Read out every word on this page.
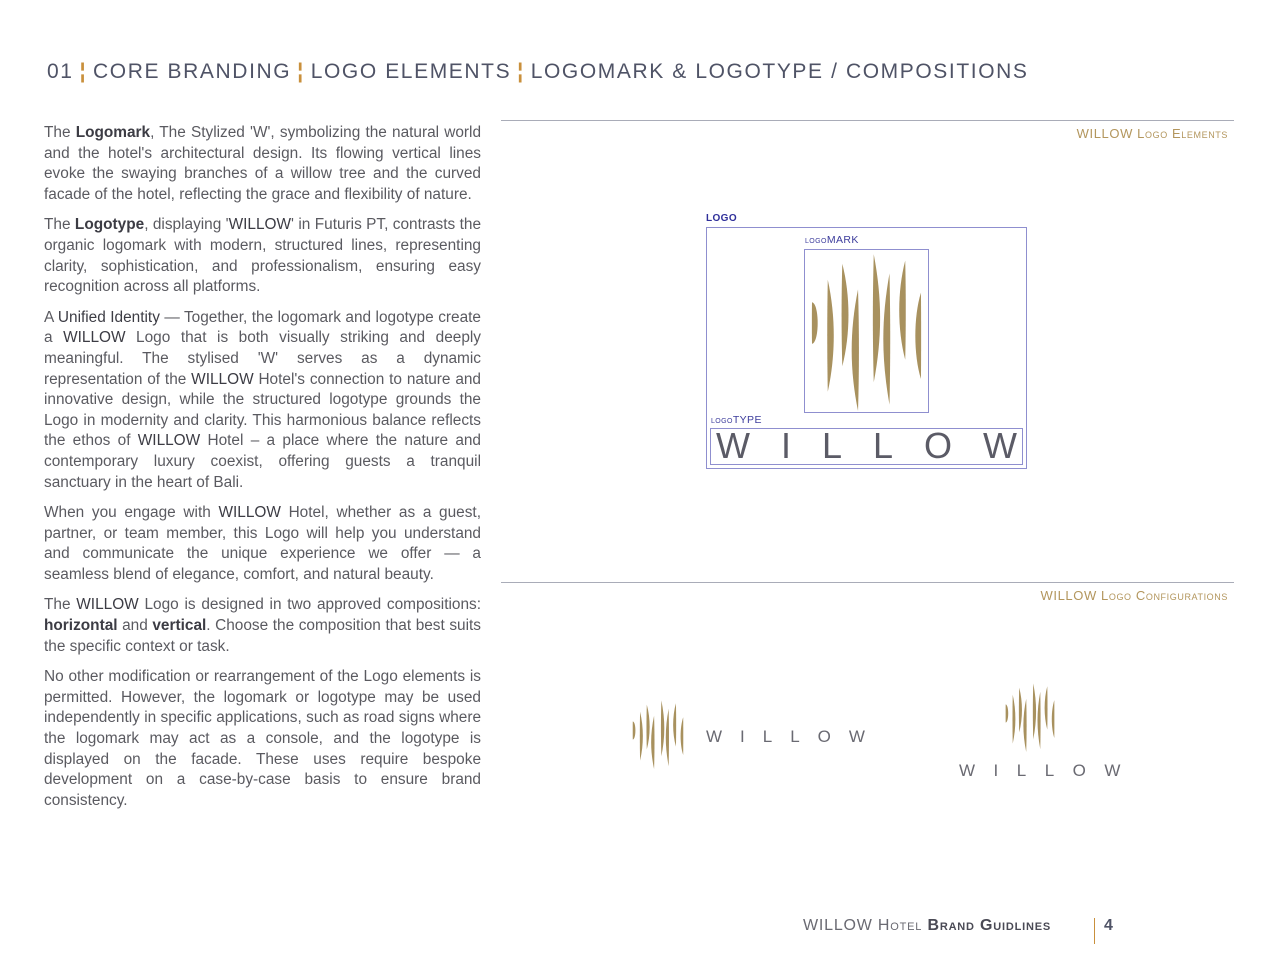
01 ¦ CORE BRANDING ¦ LOGO ELEMENTS ¦ LOGOMARK & LOGOTYPE / COMPOSITIONS

The Logomark, The Stylized 'W', symbolizing the natural world and the hotel's architectural design. Its flowing vertical lines evoke the swaying branches of a willow tree and the curved facade of the hotel, reflecting the grace and flexibility of nature.

The Logotype, displaying 'WILLOW' in Futuris PT, contrasts the organic logomark with modern, structured lines, representing clarity, sophistication, and professionalism, ensuring easy recognition across all platforms.

A Unified Identity — Together, the logomark and logotype create a WILLOW Logo that is both visually striking and deeply meaningful. The stylised 'W' serves as a dynamic representation of the WILLOW Hotel's connection to nature and innovative design, while the structured logotype grounds the Logo in modernity and clarity. This harmonious balance reflects the ethos of WILLOW Hotel – a place where the nature and contemporary luxury coexist, offering guests a tranquil sanctuary in the heart of Bali.

When you engage with WILLOW Hotel, whether as a guest, partner, or team member, this Logo will help you understand and communicate the unique experience we offer — a seamless blend of elegance, comfort, and natural beauty.

The WILLOW Logo is designed in two approved compositions: horizontal and vertical. Choose the composition that best suits the specific context or task.

No other modification or rearrangement of the Logo elements is permitted. However, the logomark or logotype may be used independently in specific applications, such as road signs where the logomark may act as a console, and the logotype is displayed on the facade. These uses require bespoke development on a case-by-case basis to ensure brand consistency.

WILLOW Logo Elements
LOGO
logoMARK
logoTYPE
W I L L O W
WILLOW Logo Configurations
WILLOW
WILLOW
WILLOW Hotel Brand Guidlines	4
